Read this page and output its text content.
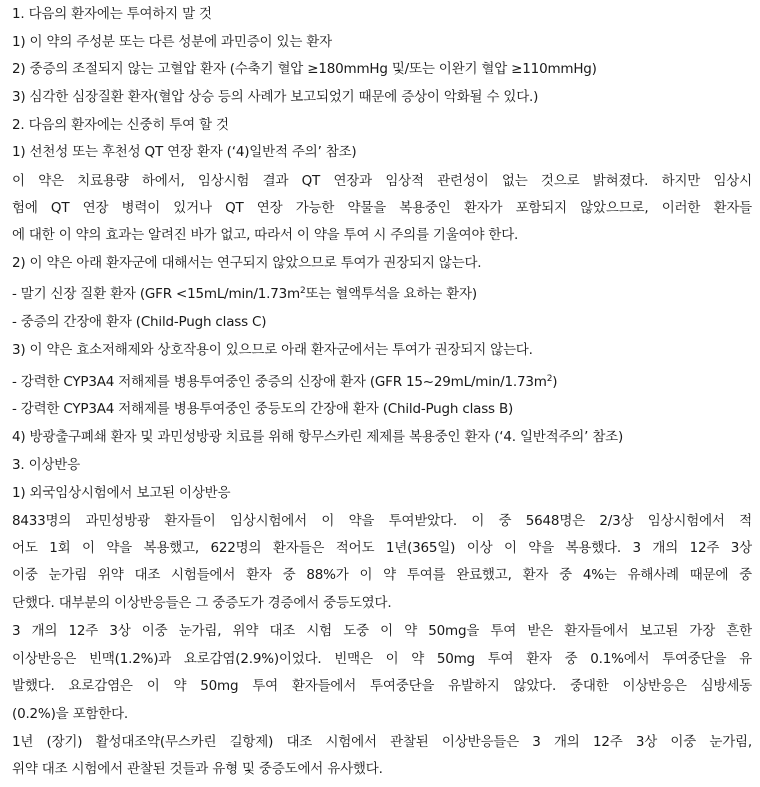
1. 다음의 환자에는 투여하지 말 것
1) 이 약의 주성분 또는 다른 성분에 과민증이 있는 환자
2) 중증의 조절되지 않는 고혈압 환자 (수축기 혈압 ≥180mmHg 및/또는 이완기 혈압 ≥110mmHg)
3) 심각한 심장질환 환자(혈압 상승 등의 사례가 보고되었기 때문에 증상이 악화될 수 있다.)
2. 다음의 환자에는 신중히 투여 할 것
1) 선천성 또는 후천성 QT 연장 환자 (‘4)일반적 주의’ 참조)
이 약은 치료용량 하에서, 임상시험 결과 QT 연장과 임상적 관련성이 없는 것으로 밝혀졌다. 하지만 임상시
험에 QT 연장 병력이 있거나 QT 연장 가능한 약물을 복용중인 환자가 포함되지 않았으므로, 이러한 환자들
에 대한 이 약의 효과는 알려진 바가 없고, 따라서 이 약을 투여 시 주의를 기울여야 한다.
2) 이 약은 아래 환자군에 대해서는 연구되지 않았으므로 투여가 권장되지 않는다.
- 말기 신장 질환 환자 ($GFR <15mL/\min/1.73m^2$또는 혈액투석을 요하는 환자)
- 중증의 간장애 환자 (Child-Pugh class C)
3) 이 약은 효소저해제와 상호작용이 있으므로 아래 환자군에서는 투여가 권장되지 않는다.
- 강력한 CYP3A4 저해제를 병용투여중인 중증의 신장애 환자 (GFR $15\sim 29mL/\min/1.73m^2$)
- 강력한 CYP3A4 저해제를 병용투여중인 중등도의 간장애 환자 (Child-Pugh class B)
4) 방광출구폐쇄 환자 및 과민성방광 치료를 위해 항무스카린 제제를 복용중인 환자 (‘4. 일반적주의’ 참조)
3. 이상반응
1) 외국임상시험에서 보고된 이상반응
8433명의 과민성방광 환자들이 임상시험에서 이 약을 투여받았다. 이 중 5648명은 2/3상 임상시험에서 적
어도 1회 이 약을 복용했고, 622명의 환자들은 적어도 1년(365일) 이상 이 약을 복용했다. 3 개의 12주 3상
이중 눈가림 위약 대조 시험들에서 환자 중 88%가 이 약 투여를 완료했고, 환자 중 4%는 유해사례 때문에 중
단했다. 대부분의 이상반응들은 그 중증도가 경증에서 중등도였다.
3 개의 12주 3상 이중 눈가림, 위약 대조 시험 도중 이 약 50mg을 투여 받은 환자들에서 보고된 가장 흔한
이상반응은 빈맥(1.2%)과 요로감염(2.9%)이었다. 빈맥은 이 약 50mg 투여 환자 중 0.1%에서 투여중단을 유
발했다. 요로감염은 이 약 50mg 투여 환자들에서 투여중단을 유발하지 않았다. 중대한 이상반응은 심방세동
(0.2%)을 포함한다.
1년 (장기) 활성대조약(무스카린 길항제) 대조 시험에서 관찰된 이상반응들은 3 개의 12주 3상 이중 눈가림,
위약 대조 시험에서 관찰된 것들과 유형 및 중증도에서 유사했다.
